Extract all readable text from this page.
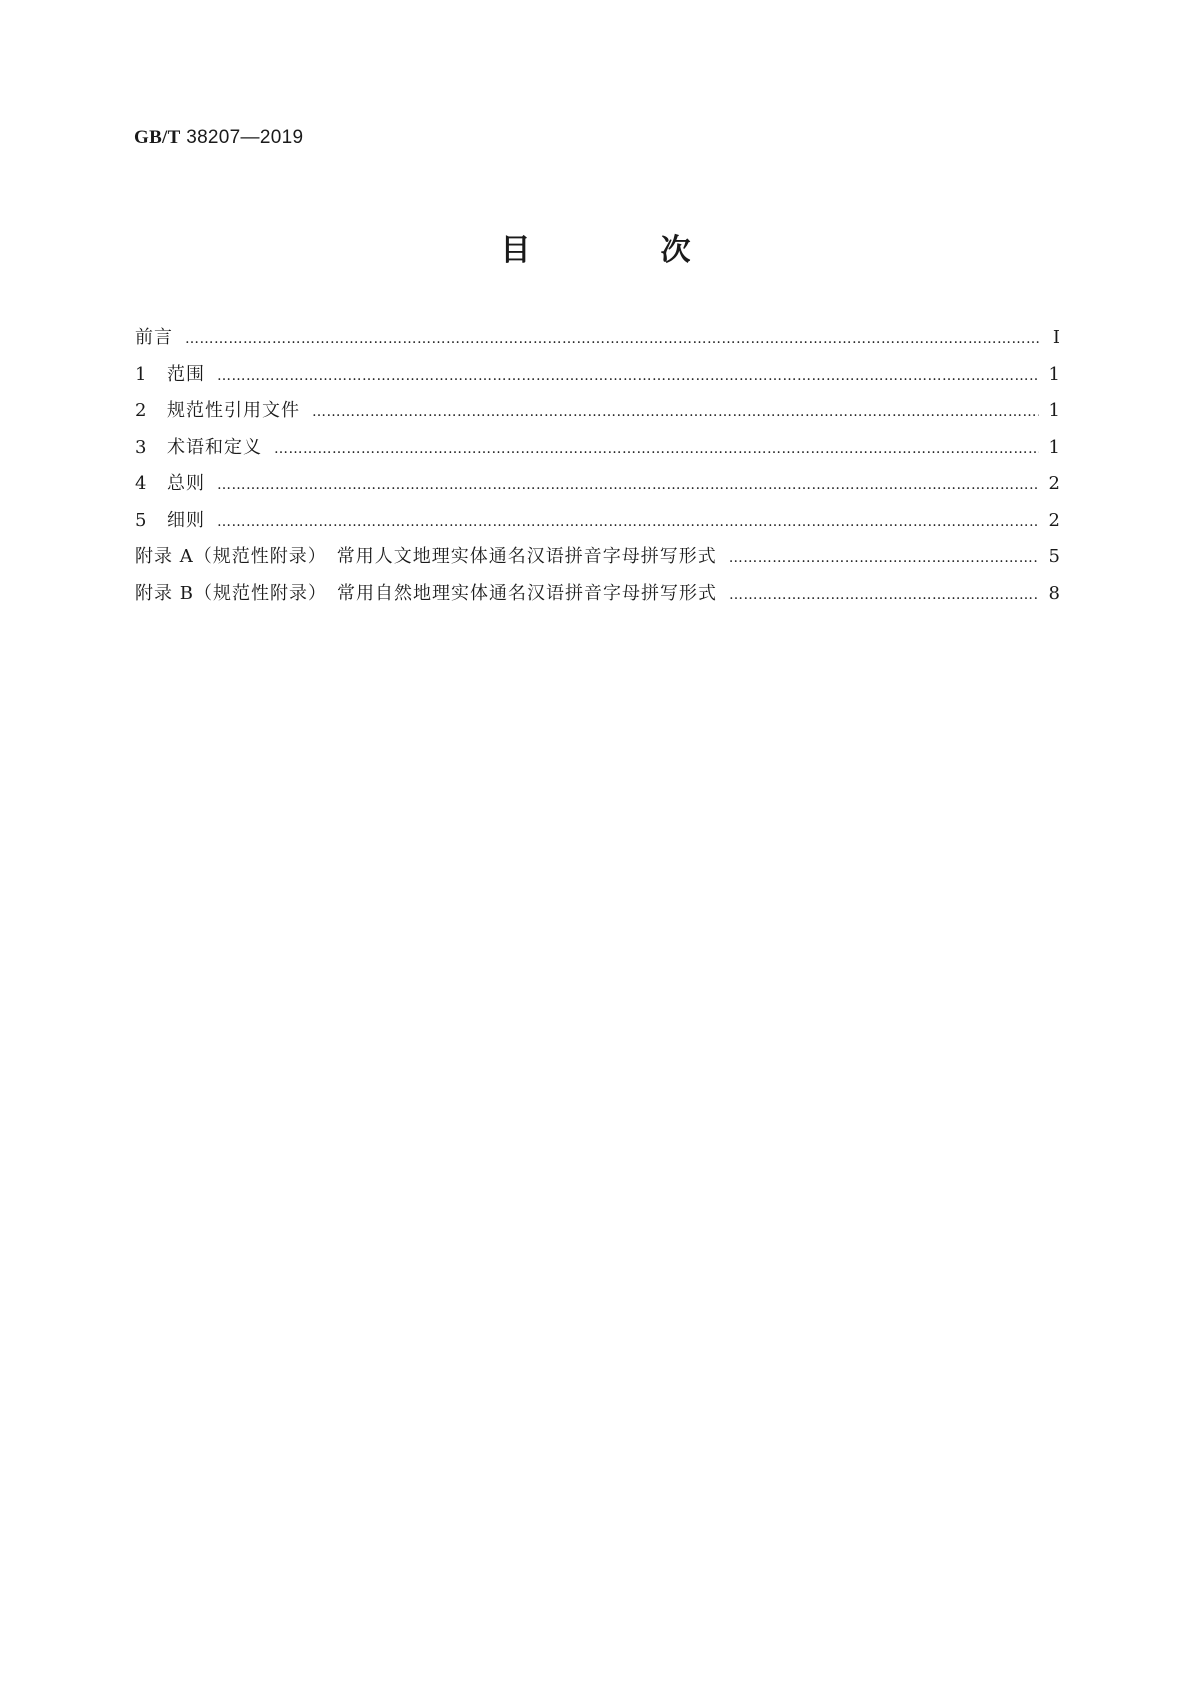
GB/T 38207—2019
目　次
前言 …………………………………………………………………………………………………………………………………………………………………………………………………………………………	Ⅰ
1	范围 …………………………………………………………………………………………………………………………………………………………………………………………………………………………	1
2	规范性引用文件 …………………………………………………………………………………………………………………………………………………………………………………………………………………………	1
3	术语和定义 …………………………………………………………………………………………………………………………………………………………………………………………………………………………	1
4	总则 …………………………………………………………………………………………………………………………………………………………………………………………………………………………	2
5	细则 …………………………………………………………………………………………………………………………………………………………………………………………………………………………	2
附录 A（规范性附录）　常用人文地理实体通名汉语拼音字母拼写形式 …………………………………………………………………………………………………………………………………………………………………………………………………………………………	5
附录 B（规范性附录）　常用自然地理实体通名汉语拼音字母拼写形式 …………………………………………………………………………………………………………………………………………………………………………………………………………………………	8
